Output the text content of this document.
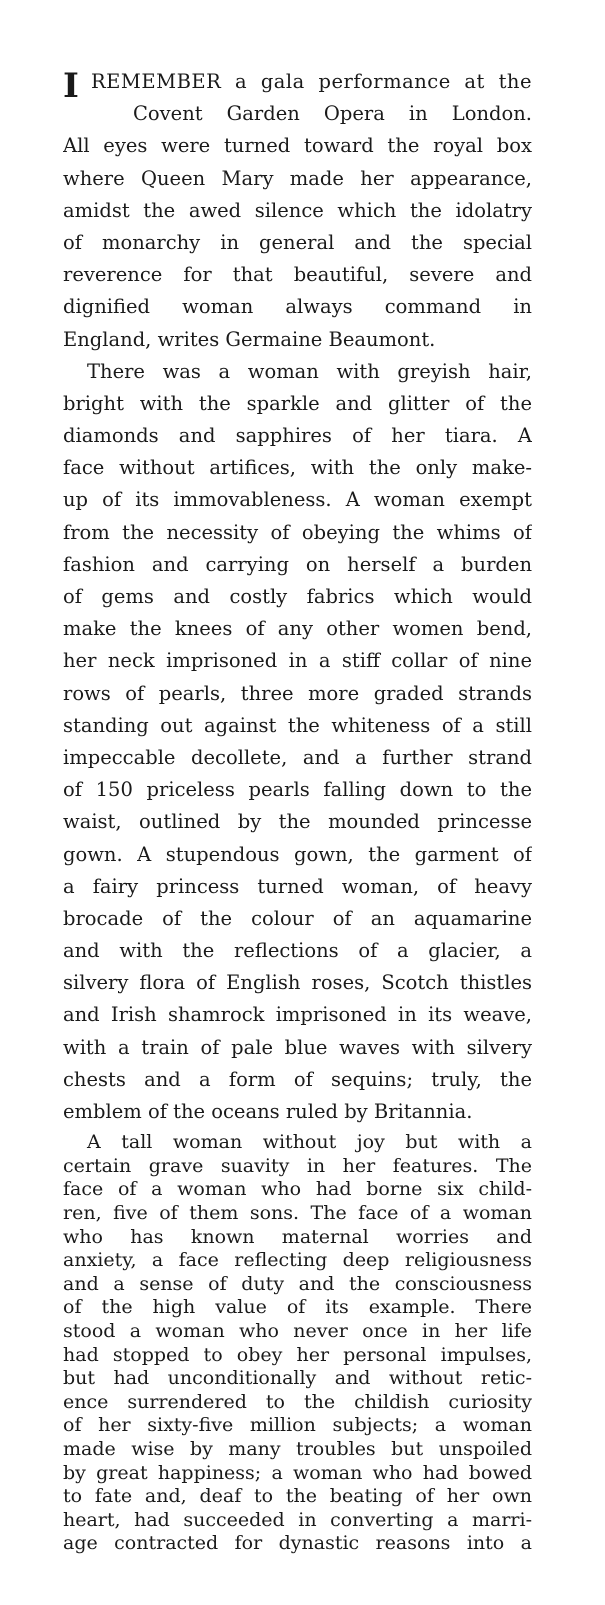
I REMEMBER a gala performance at the
Covent Garden Opera in London.
All eyes were turned toward the royal box
where Queen Mary made her appearance,
amidst the awed silence which the idolatry
of monarchy in general and the special
reverence for that beautiful, severe and
dignified woman always command in
England, writes Germaine Beaumont.
There was a woman with greyish hair,
bright with the sparkle and glitter of the
diamonds and sapphires of her tiara. A
face without artifices, with the only make-
up of its immovableness. A woman exempt
from the necessity of obeying the whims of
fashion and carrying on herself a burden
of gems and costly fabrics which would
make the knees of any other women bend,
her neck imprisoned in a stiff collar of nine
rows of pearls, three more graded strands
standing out against the whiteness of a still
impeccable decollete, and a further strand
of 150 priceless pearls falling down to the
waist, outlined by the mounded princesse
gown. A stupendous gown, the garment of
a fairy princess turned woman, of heavy
brocade of the colour of an aquamarine
and with the reflections of a glacier, a
silvery flora of English roses, Scotch thistles
and Irish shamrock imprisoned in its weave,
with a train of pale blue waves with silvery
chests and a form of sequins; truly, the
emblem of the oceans ruled by Britannia.
A tall woman without joy but with a
certain grave suavity in her features. The
face of a woman who had borne six child-
ren, five of them sons. The face of a woman
who has known maternal worries and
anxiety, a face reflecting deep religiousness
and a sense of duty and the consciousness
of the high value of its example. There
stood a woman who never once in her life
had stopped to obey her personal impulses,
but had unconditionally and without retic-
ence surrendered to the childish curiosity
of her sixty-five million subjects; a woman
made wise by many troubles but unspoiled
by great happiness; a woman who had bowed
to fate and, deaf to the beating of her own
heart, had succeeded in converting a marri-
age contracted for dynastic reasons into a
